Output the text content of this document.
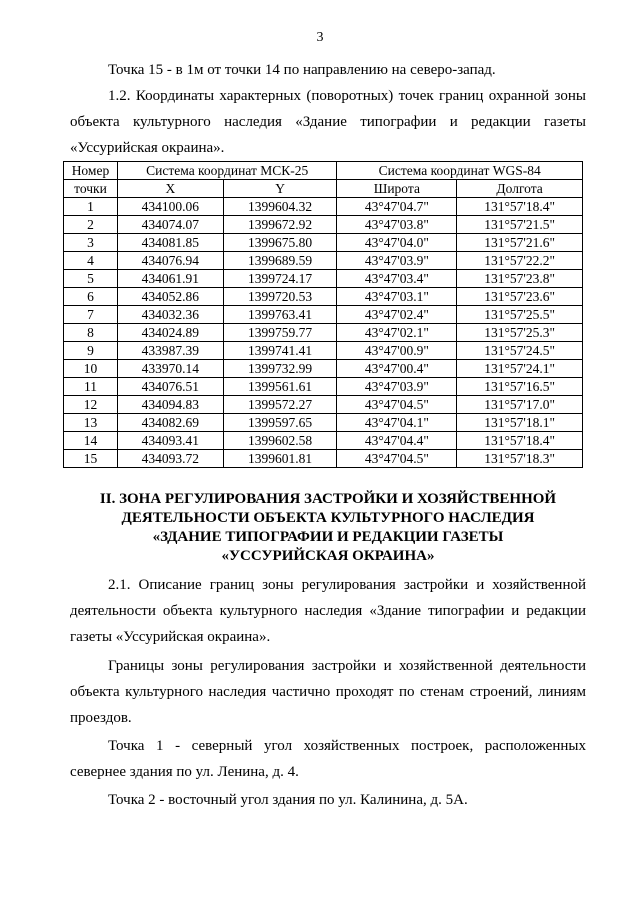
3
Точка 15 - в 1м от точки 14 по направлению на северо-запад.
1.2. Координаты характерных (поворотных) точек границ охранной зоны объекта культурного наследия «Здание типографии и редакции газеты «Уссурийская окраина».
Номер	Система координат МСК-25		Система координат WGS-84	
точки	X	Y	Широта	Долгота
1	434100.06	1399604.32	43°47'04.7"	131°57'18.4"
2	434074.07	1399672.92	43°47'03.8"	131°57'21.5"
3	434081.85	1399675.80	43°47'04.0"	131°57'21.6"
4	434076.94	1399689.59	43°47'03.9"	131°57'22.2"
5	434061.91	1399724.17	43°47'03.4"	131°57'23.8"
6	434052.86	1399720.53	43°47'03.1"	131°57'23.6"
7	434032.36	1399763.41	43°47'02.4"	131°57'25.5"
8	434024.89	1399759.77	43°47'02.1"	131°57'25.3"
9	433987.39	1399741.41	43°47'00.9"	131°57'24.5"
10	433970.14	1399732.99	43°47'00.4"	131°57'24.1"
11	434076.51	1399561.61	43°47'03.9"	131°57'16.5"
12	434094.83	1399572.27	43°47'04.5"	131°57'17.0"
13	434082.69	1399597.65	43°47'04.1"	131°57'18.1"
14	434093.41	1399602.58	43°47'04.4"	131°57'18.4"
15	434093.72	1399601.81	43°47'04.5"	131°57'18.3"
II. ЗОНА РЕГУЛИРОВАНИЯ ЗАСТРОЙКИ И ХОЗЯЙСТВЕННОЙ
ДЕЯТЕЛЬНОСТИ ОБЪЕКТА КУЛЬТУРНОГО НАСЛЕДИЯ
«ЗДАНИЕ ТИПОГРАФИИ И РЕДАКЦИИ ГАЗЕТЫ
«УССУРИЙСКАЯ ОКРАИНА»
2.1. Описание границ зоны регулирования застройки и хозяйственной деятельности объекта культурного наследия «Здание типографии и редакции газеты «Уссурийская окраина».
Границы зоны регулирования застройки и хозяйственной деятельности объекта культурного наследия частично проходят по стенам строений, линиям проездов.
Точка 1 - северный угол хозяйственных построек, расположенных севернее здания по ул. Ленина, д. 4.
Точка 2 - восточный угол здания по ул. Калинина, д. 5А.
